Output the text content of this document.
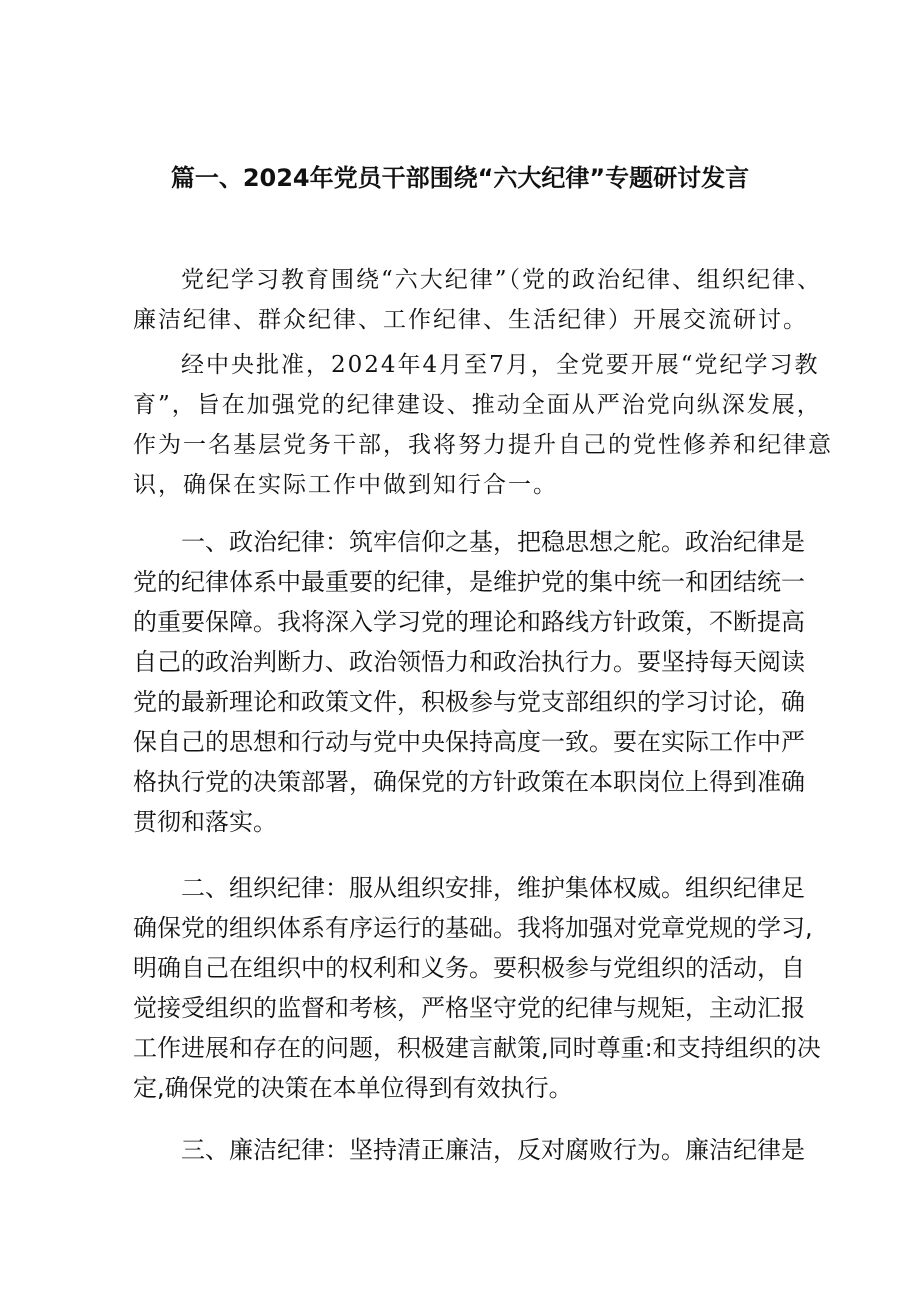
篇一、2024年党员干部围绕“六大纪律”专题研讨发言
党纪学习教育围绕“六大纪律”（党的政治纪律、组织纪律、
廉洁纪律、群众纪律、工作纪律、生活纪律）开展交流研讨。
经中央批准，2024年4月至7月，全党要开展“党纪学习教
育”，旨在加强党的纪律建设、推动全面从严治党向纵深发展，
作为一名基层党务干部，我将努力提升自己的党性修养和纪律意
识，确保在实际工作中做到知行合一。
一、政治纪律：筑牢信仰之基，把稳思想之舵。政治纪律是
党的纪律体系中最重要的纪律，是维护党的集中统一和团结统一
的重要保障。我将深入学习党的理论和路线方针政策，不断提高
自己的政治判断力、政治领悟力和政治执行力。要坚持每天阅读
党的最新理论和政策文件，积极参与党支部组织的学习讨论，确
保自己的思想和行动与党中央保持高度一致。要在实际工作中严
格执行党的决策部署，确保党的方针政策在本职岗位上得到准确
贯彻和落实。
二、组织纪律：服从组织安排，维护集体权威。组织纪律足
确保党的组织体系有序运行的基础。我将加强对党章党规的学习,
明确自己在组织中的权利和义务。要积极参与党组织的活动，自
觉接受组织的监督和考核，严格坚守党的纪律与规矩，主动汇报
工作进展和存在的问题，积极建言献策,同时尊重:和支持组织的决
定,确保党的决策在本单位得到有效执行。
三、廉洁纪律：坚持清正廉洁，反对腐败行为。廉洁纪律是
